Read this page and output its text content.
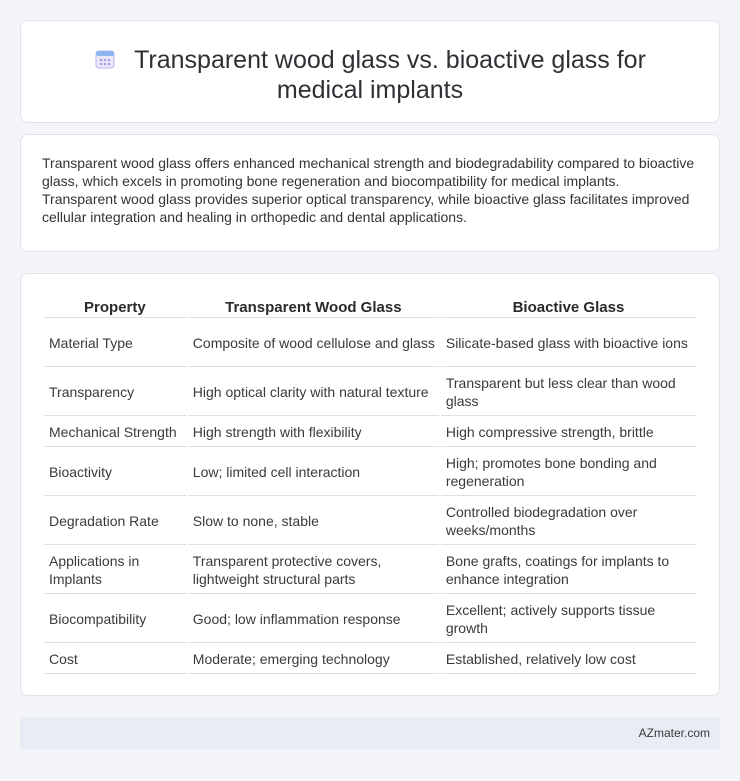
Transparent wood glass vs. bioactive glass for medical implants

Transparent wood glass offers enhanced mechanical strength and biodegradability compared to bioactive glass, which excels in promoting bone regeneration and biocompatibility for medical implants. Transparent wood glass provides superior optical transparency, while bioactive glass facilitates improved cellular integration and healing in orthopedic and dental applications.

Property	Transparent Wood Glass	Bioactive Glass
Material Type	Composite of wood cellulose and glass	Silicate-based glass with bioactive ions
Transparency	High optical clarity with natural texture	Transparent but less clear than wood glass
Mechanical Strength	High strength with flexibility	High compressive strength, brittle
Bioactivity	Low; limited cell interaction	High; promotes bone bonding and regeneration
Degradation Rate	Slow to none, stable	Controlled biodegradation over weeks/months
Applications in Implants	Transparent protective covers, lightweight structural parts	Bone grafts, coatings for implants to enhance integration
Biocompatibility	Good; low inflammation response	Excellent; actively supports tissue growth
Cost	Moderate; emerging technology	Established, relatively low cost
AZmater.com
